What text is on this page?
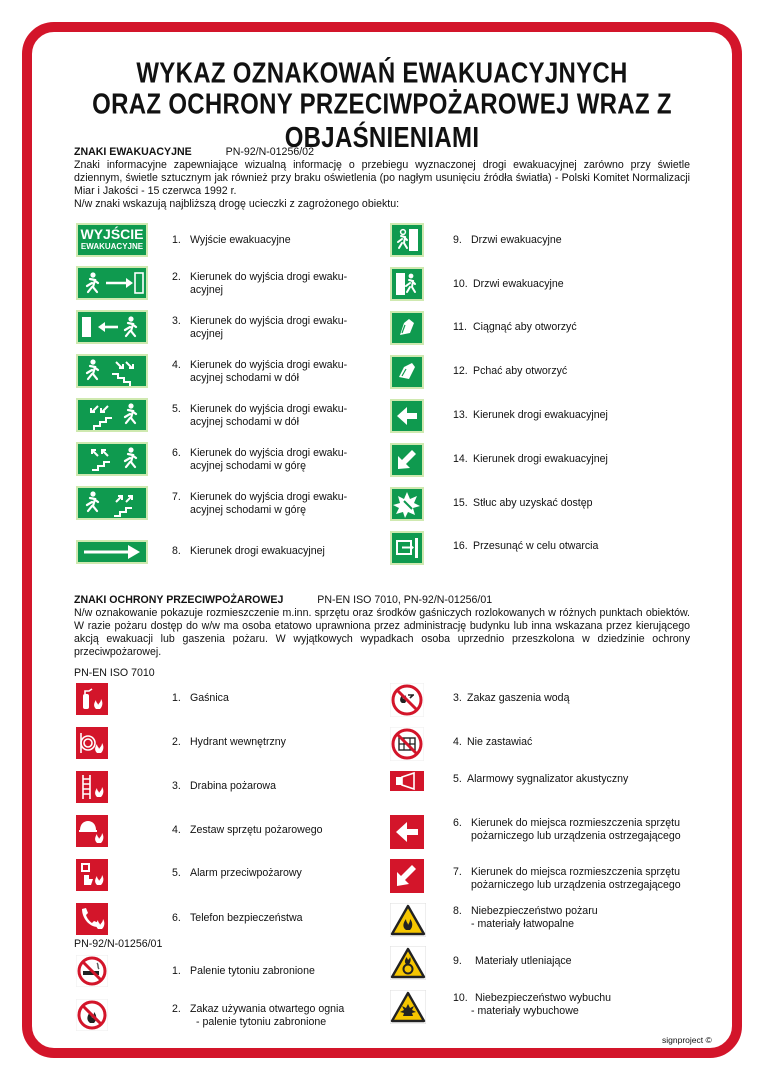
WYKAZ OZNAKOWAŃ EWAKUACYJNYCH
ORAZ OCHRONY PRZECIWPOŻAROWEJ WRAZ Z OBJAŚNIENIAMI
ZNAKI EWAKUACYJNE	PN-92/N-01256/02
Znaki informacyjne zapewniające wizualną informację o przebiegu wyznaczonej drogi ewakuacyjnej zarówno przy świetle dziennym, świetle sztucznym jak również przy braku oświetlenia (po nagłym usunięciu źródła światła) - Polski Komitet Normalizacji Miar i Jakości - 15 czerwca 1992 r.
N/w znaki wskazują najbliższą drogę ucieczki z zagrożonego obiektu:
WYJŚCIE
EWAKUACYJNE
1. Wyjście ewakuacyjne
2. Kierunek do wyjścia drogi ewaku-
acyjnej
3. Kierunek do wyjścia drogi ewaku-
acyjnej
4. Kierunek do wyjścia drogi ewaku-
acyjnej schodami w dół
5. Kierunek do wyjścia drogi ewaku-
acyjnej schodami w dół
6. Kierunek do wyjścia drogi ewaku-
acyjnej schodami w górę
7. Kierunek do wyjścia drogi ewaku-
acyjnej schodami w górę
8. Kierunek drogi ewakuacyjnej
9. Drzwi ewakuacyjne
10. Drzwi ewakuacyjne
11. Ciągnąć aby otworzyć
12. Pchać aby otworzyć
13. Kierunek drogi ewakuacyjnej
14. Kierunek drogi ewakuacyjnej
15. Stłuc aby uzyskać dostęp
16. Przesunąć w celu otwarcia
ZNAKI OCHRONY PRZECIWPOŻAROWEJ	PN-EN ISO 7010, PN-92/N-01256/01
N/w oznakowanie pokazuje rozmieszczenie m.inn. sprzętu oraz środków gaśniczych rozlokowanych w różnych punktach obiektów. W razie pożaru dostęp do w/w ma osoba etatowo uprawniona przez administrację budynku lub inna wskazana przez kierującego akcją ewakuacji lub gaszenia pożaru. W wyjątkowych wypadkach osoba uprzednio przeszkolona w dziedzinie ochrony przeciwpożarowej.
PN-EN ISO 7010
PN-92/N-01256/01
1. Gaśnica
2. Hydrant wewnętrzny
3. Drabina pożarowa
4. Zestaw sprzętu pożarowego
5. Alarm przeciwpożarowy
6. Telefon bezpieczeństwa
1. Palenie tytoniu zabronione
2. Zakaz używania otwartego ognia
- palenie tytoniu zabronione
3. Zakaz gaszenia wodą
4. Nie zastawiać
5. Alarmowy sygnalizator akustyczny
6. Kierunek do miejsca rozmieszczenia sprzętu
pożarniczego lub urządzenia ostrzegającego
7. Kierunek do miejsca rozmieszczenia sprzętu
pożarniczego lub urządzenia ostrzegającego
8. Niebezpieczeństwo pożaru
- materiały łatwopalne
9. Materiały utleniające
10. Niebezpieczeństwo wybuchu
- materiały wybuchowe
signproject ©
